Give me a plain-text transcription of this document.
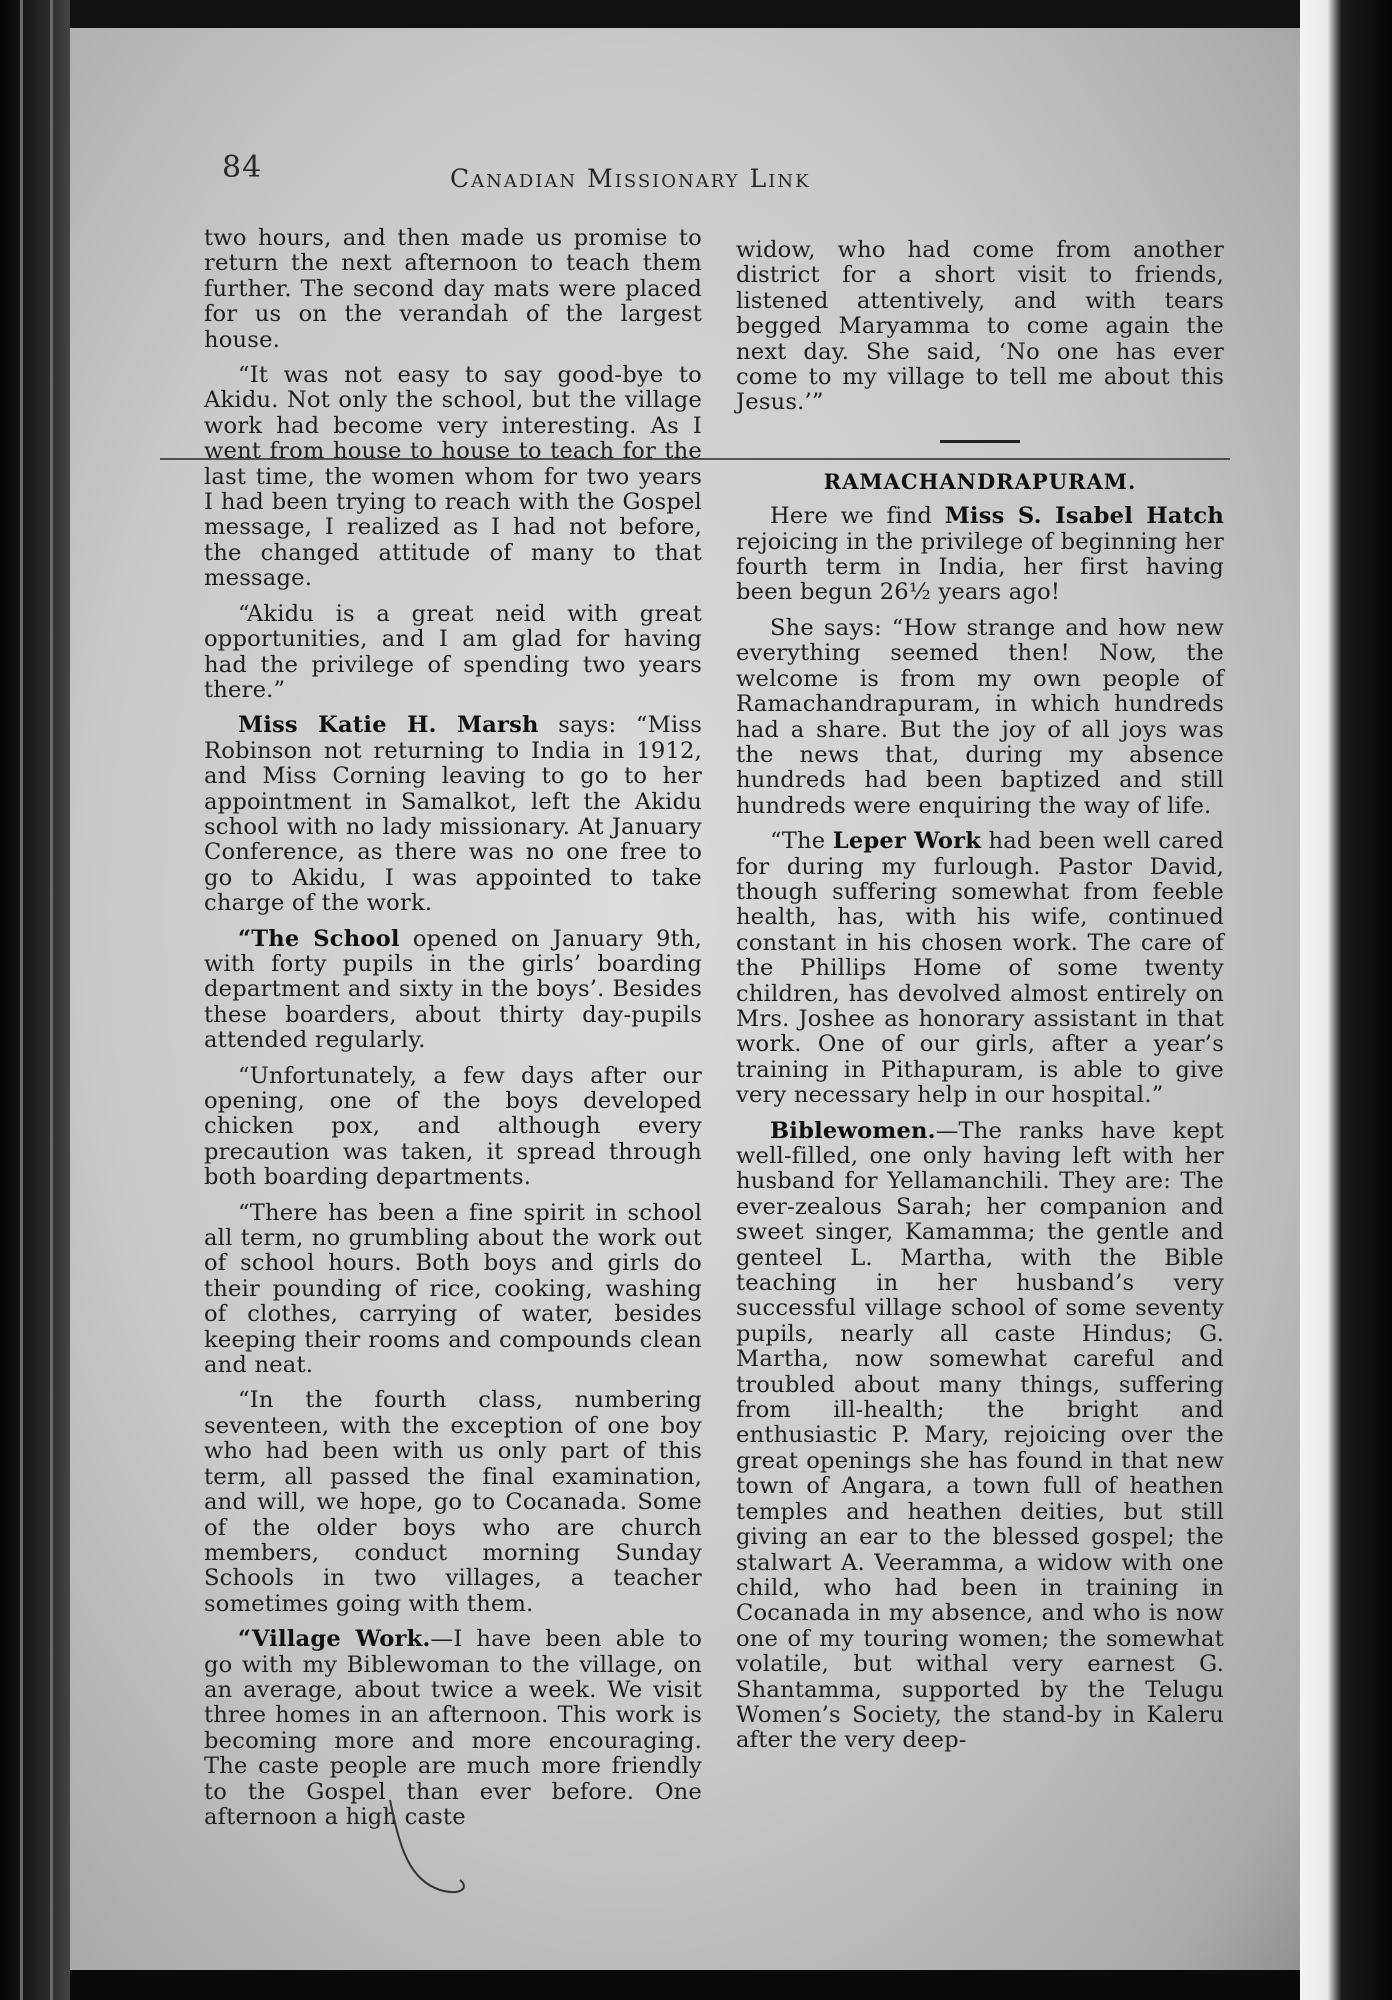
84	Canadian Missionary Link

two hours, and then made us promise to return the next afternoon to teach them further. The second day mats were placed for us on the verandah of the largest house.

“It was not easy to say good-bye to Akidu. Not only the school, but the village work had become very interesting. As I went from house to house to teach for the last time, the women whom for two years I had been trying to reach with the Gospel message, I realized as I had not before, the changed attitude of many to that message.

“Akidu is a great neid with great opportunities, and I am glad for having had the privilege of spending two years there.”

Miss Katie H. Marsh says: “Miss Robinson not returning to India in 1912, and Miss Corning leaving to go to her appointment in Samalkot, left the Akidu school with no lady missionary. At January Conference, as there was no one free to go to Akidu, I was appointed to take charge of the work.

“The School opened on January 9th, with forty pupils in the girls’ boarding department and sixty in the boys’. Besides these boarders, about thirty day-pupils attended regularly.

“Unfortunately, a few days after our opening, one of the boys developed chicken pox, and although every precaution was taken, it spread through both boarding departments.

“There has been a fine spirit in school all term, no grumbling about the work out of school hours. Both boys and girls do their pounding of rice, cooking, washing of clothes, carrying of water, besides keeping their rooms and compounds clean and neat.

“In the fourth class, numbering seventeen, with the exception of one boy who had been with us only part of this term, all passed the final examination, and will, we hope, go to Cocanada. Some of the older boys who are church members, conduct morning Sunday Schools in two villages, a teacher sometimes going with them.

“Village Work.—I have been able to go with my Biblewoman to the village, on an average, about twice a week. We visit three homes in an afternoon. This work is becoming more and more encouraging. The caste people are much more friendly to the Gospel than ever before. One afternoon a high caste

widow, who had come from another district for a short visit to friends, listened attentively, and with tears begged Maryamma to come again the next day. She said, ‘No one has ever come to my village to tell me about this Jesus.’”

RAMACHANDRAPURAM.

Here we find Miss S. Isabel Hatch rejoicing in the privilege of beginning her fourth term in India, her first having been begun 26½ years ago!

She says: “How strange and how new everything seemed then! Now, the welcome is from my own people of Ramachandrapuram, in which hundreds had a share. But the joy of all joys was the news that, during my absence hundreds had been baptized and still hundreds were enquiring the way of life.

“The Leper Work had been well cared for during my furlough. Pastor David, though suffering somewhat from feeble health, has, with his wife, continued constant in his chosen work. The care of the Phillips Home of some twenty children, has devolved almost entirely on Mrs. Joshee as honorary assistant in that work. One of our girls, after a year’s training in Pithapuram, is able to give very necessary help in our hospital.”

Biblewomen.—The ranks have kept well-filled, one only having left with her husband for Yellamanchili. They are: The ever-zealous Sarah; her companion and sweet singer, Kamamma; the gentle and genteel L. Martha, with the Bible teaching in her husband’s very successful village school of some seventy pupils, nearly all caste Hindus; G. Martha, now somewhat careful and troubled about many things, suffering from ill-health; the bright and enthusiastic P. Mary, rejoicing over the great openings she has found in that new town of Angara, a town full of heathen temples and heathen deities, but still giving an ear to the blessed gospel; the stalwart A. Veeramma, a widow with one child, who had been in training in Cocanada in my absence, and who is now one of my touring women; the somewhat volatile, but withal very earnest G. Shantamma, supported by the Telugu Women’s Society, the stand-by in Kaleru after the very deep-
